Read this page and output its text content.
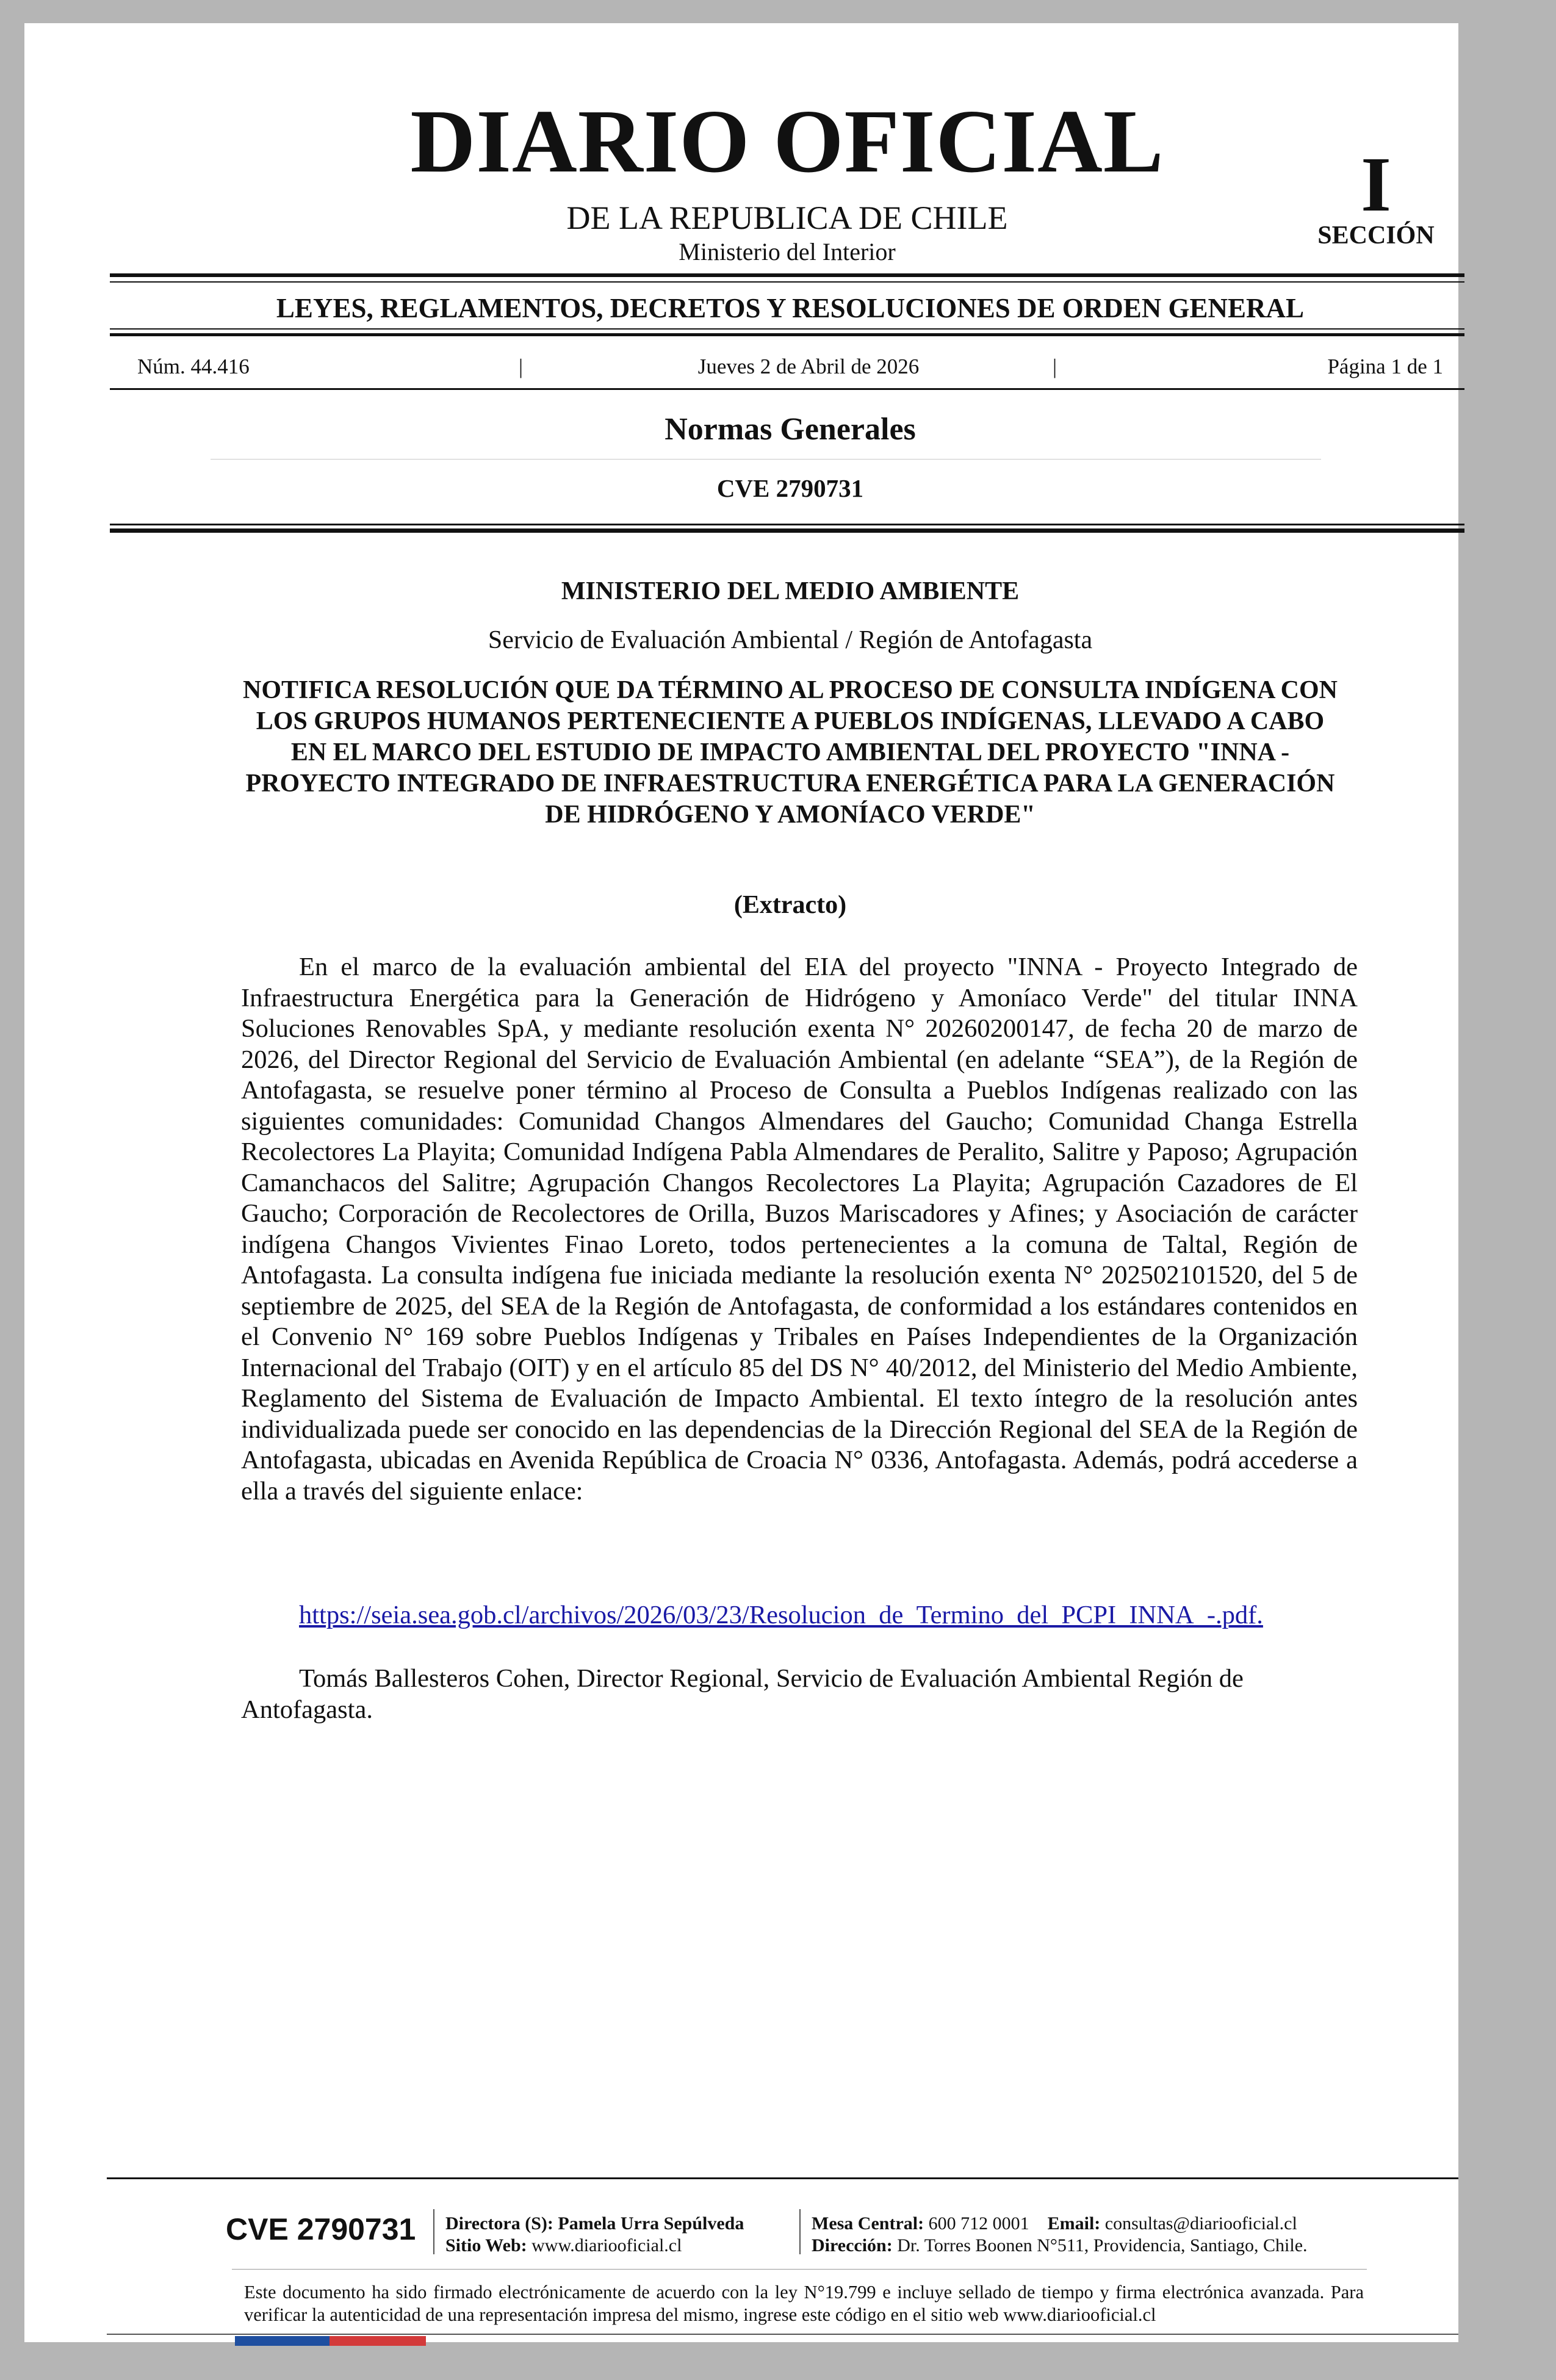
DIARIO OFICIAL
DE LA REPUBLICA DE CHILE
Ministerio del Interior
I
SECCIÓN
LEYES, REGLAMENTOS, DECRETOS Y RESOLUCIONES DE ORDEN GENERAL
Núm. 44.416	|	Jueves 2 de Abril de 2026	|	Página 1 de 1
Normas Generales
CVE 2790731
MINISTERIO DEL MEDIO AMBIENTE
Servicio de Evaluación Ambiental / Región de Antofagasta
NOTIFICA RESOLUCIÓN QUE DA TÉRMINO AL PROCESO DE CONSULTA INDÍGENA CON LOS GRUPOS HUMANOS PERTENECIENTE A PUEBLOS INDÍGENAS, LLEVADO A CABO EN EL MARCO DEL ESTUDIO DE IMPACTO AMBIENTAL DEL PROYECTO "INNA - PROYECTO INTEGRADO DE INFRAESTRUCTURA ENERGÉTICA PARA LA GENERACIÓN DE HIDRÓGENO Y AMONÍACO VERDE"
(Extracto)

En el marco de la evaluación ambiental del EIA del proyecto "INNA - Proyecto Integrado de Infraestructura Energética para la Generación de Hidrógeno y Amoníaco Verde" del titular INNA Soluciones Renovables SpA, y mediante resolución exenta N° 20260200147, de fecha 20 de marzo de 2026, del Director Regional del Servicio de Evaluación Ambiental (en adelante “SEA”), de la Región de Antofagasta, se resuelve poner término al Proceso de Consulta a Pueblos Indígenas realizado con las siguientes comunidades: Comunidad Changos Almendares del Gaucho; Comunidad Changa Estrella Recolectores La Playita; Comunidad Indígena Pabla Almendares de Peralito, Salitre y Paposo; Agrupación Camanchacos del Salitre; Agrupación Changos Recolectores La Playita; Agrupación Cazadores de El Gaucho; Corporación de Recolectores de Orilla, Buzos Mariscadores y Afines; y Asociación de carácter indígena Changos Vivientes Finao Loreto, todos pertenecientes a la comuna de Taltal, Región de Antofagasta. La consulta indígena fue iniciada mediante la resolución exenta N° 202502101520, del 5 de septiembre de 2025, del SEA de la Región de Antofagasta, de conformidad a los estándares contenidos en el Convenio N° 169 sobre Pueblos Indígenas y Tribales en Países Independientes de la Organización Internacional del Trabajo (OIT) y en el artículo 85 del DS N° 40/2012, del Ministerio del Medio Ambiente, Reglamento del Sistema de Evaluación de Impacto Ambiental. El texto íntegro de la resolución antes individualizada puede ser conocido en las dependencias de la Dirección Regional del SEA de la Región de Antofagasta, ubicadas en Avenida República de Croacia N° 0336, Antofagasta. Además, podrá accederse a ella a través del siguiente enlace:

https://seia.sea.gob.cl/archivos/2026/03/23/Resolucion_de_Termino_del_PCPI_INNA_-.pdf.

Tomás Ballesteros Cohen, Director Regional, Servicio de Evaluación Ambiental Región de Antofagasta.

CVE 2790731 Directora (S): Pamela Urra Sepúlveda
Sitio Web: www.diariooficial.cl
Mesa Central: 600 712 0001 Email: consultas@diariooficial.cl
Dirección: Dr. Torres Boonen N°511, Providencia, Santiago, Chile.

Este documento ha sido firmado electrónicamente de acuerdo con la ley N°19.799 e incluye sellado de tiempo y firma electrónica avanzada. Para verificar la autenticidad de una representación impresa del mismo, ingrese este código en el sitio web www.diariooficial.cl
